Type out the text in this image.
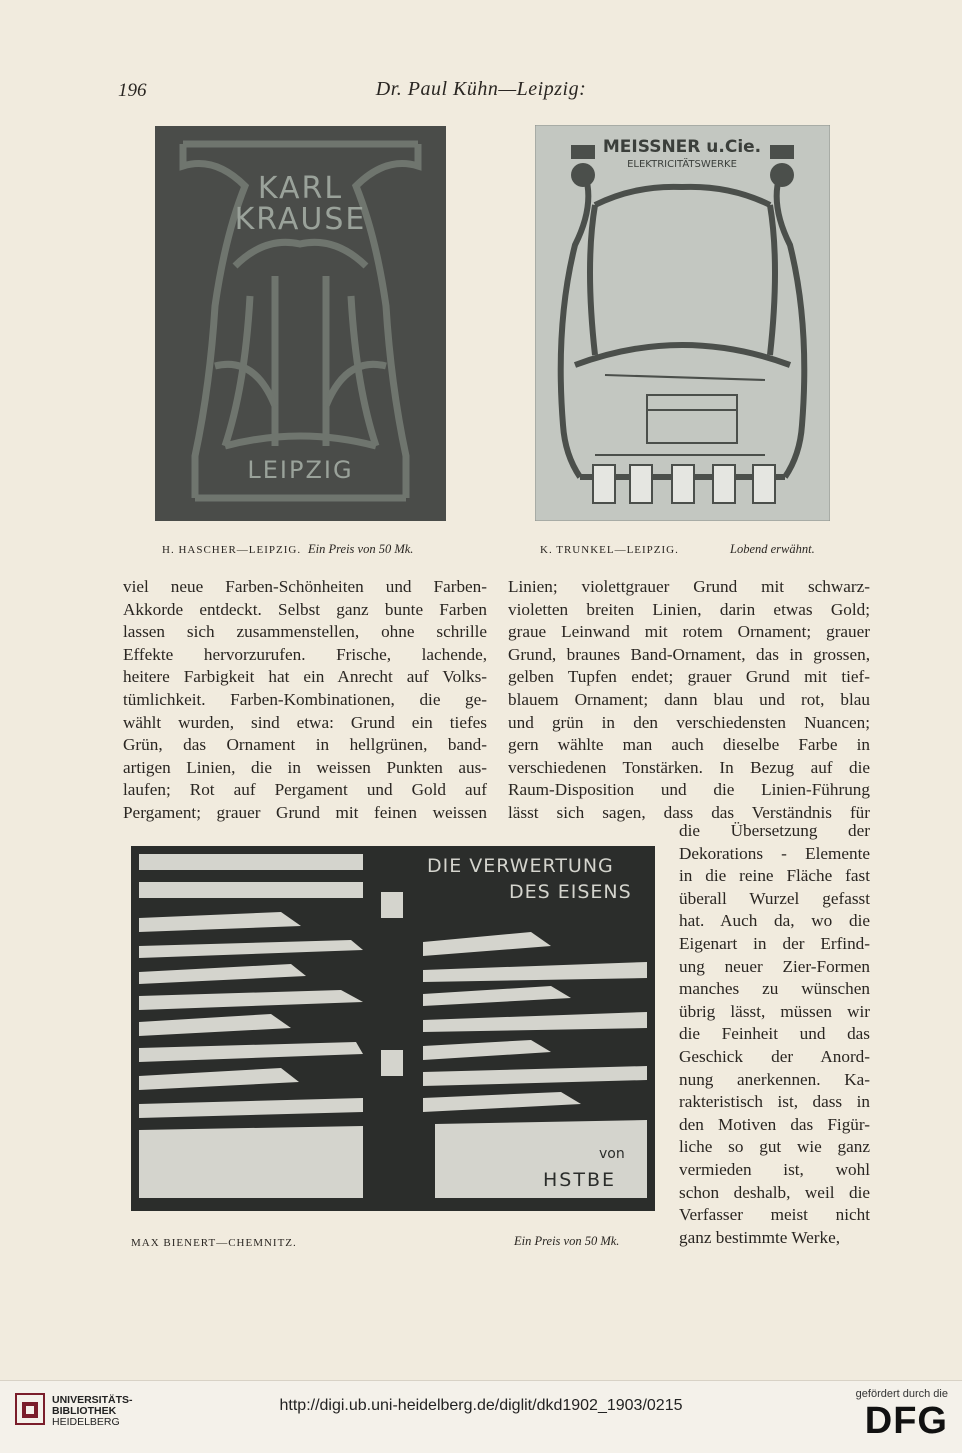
196	Dr. Paul Kühn—Leipzig:
KARL
KRAUSE
LEIPZIG
MEISSNER u.Cie.
ELEKTRICITÄTSWERKE
H. HASCHER—LEIPZIG. Ein Preis von 50 Mk.	K. TRUNKEL—LEIPZIG.	Lobend erwähnt.
viel neue Farben-Schönheiten und Farben-
Akkorde entdeckt. Selbst ganz bunte Farben
lassen sich zusammenstellen, ohne schrille
Effekte hervorzurufen. Frische, lachende,
heitere Farbigkeit hat ein Anrecht auf Volks-
tümlichkeit. Farben-Kombinationen, die ge-
wählt wurden, sind etwa: Grund ein tiefes
Grün, das Ornament in hellgrünen, band-
artigen Linien, die in weissen Punkten aus-
laufen; Rot auf Pergament und Gold auf
Pergament; grauer Grund mit feinen weissen
Linien; violettgrauer Grund mit schwarz-
violetten breiten Linien, darin etwas Gold;
graue Leinwand mit rotem Ornament; grauer
Grund, braunes Band-Ornament, das in grossen,
gelben Tupfen endet; grauer Grund mit tief-
blauem Ornament; dann blau und rot, blau
und grün in den verschiedensten Nuancen;
gern wählte man auch dieselbe Farbe in
verschiedenen Tonstärken. In Bezug auf die
Raum-Disposition und die Linien-Führung
lässt sich sagen, dass das Verständnis für
die Übersetzung der
Dekorations - Elemente
in die reine Fläche fast
überall Wurzel gefasst
hat. Auch da, wo die
Eigenart in der Erfind-
ung neuer Zier-Formen
manches zu wünschen
übrig lässt, müssen wir
die Feinheit und das
Geschick der Anord-
nung anerkennen. Ka-
rakteristisch ist, dass in
den Motiven das Figür-
liche so gut wie ganz
vermieden ist, wohl
schon deshalb, weil die
Verfasser meist nicht
ganz bestimmte Werke,
DIE VERWERTUNG
DES EISENS
von
HSTBE
MAX BIENERT—CHEMNITZ.	Ein Preis von 50 Mk.
UNIVERSITÄTS-
BIBLIOTHEK
HEIDELBERG
http://digi.ub.uni-heidelberg.de/diglit/dkd1902_1903/0215
gefördert durch die
DFG
